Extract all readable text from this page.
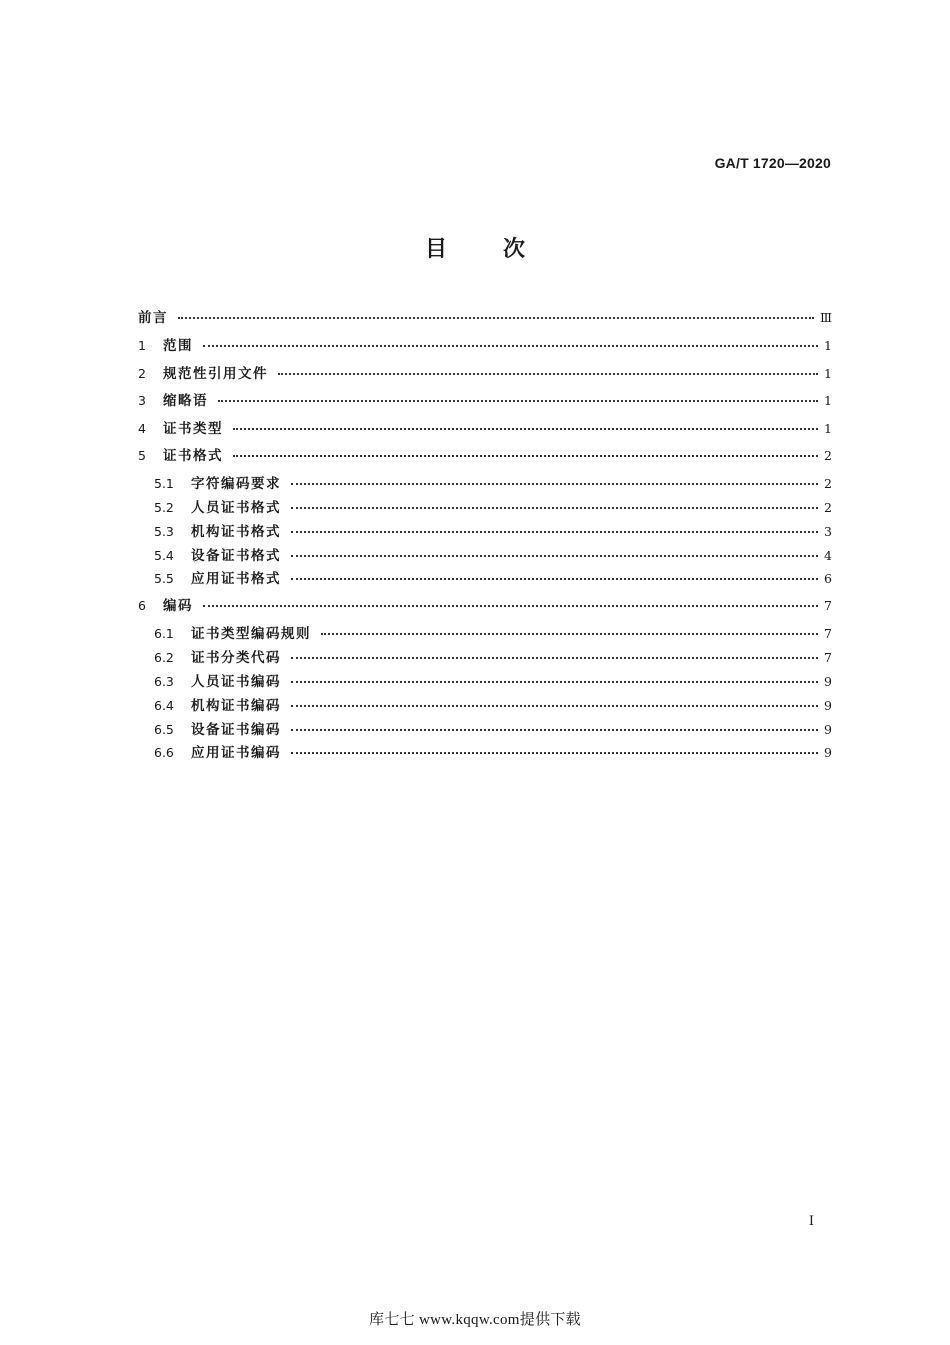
GA/T 1720—2020
目次
前言	Ⅲ
1	范围	1
2	规范性引用文件	1
3	缩略语	1
4	证书类型	1
5	证书格式	2
5.1	字符编码要求	2
5.2	人员证书格式	2
5.3	机构证书格式	3
5.4	设备证书格式	4
5.5	应用证书格式	6
6	编码	7
6.1	证书类型编码规则	7
6.2	证书分类代码	7
6.3	人员证书编码	9
6.4	机构证书编码	9
6.5	设备证书编码	9
6.6	应用证书编码	9
I
库七七 www.kqqw.com提供下载
